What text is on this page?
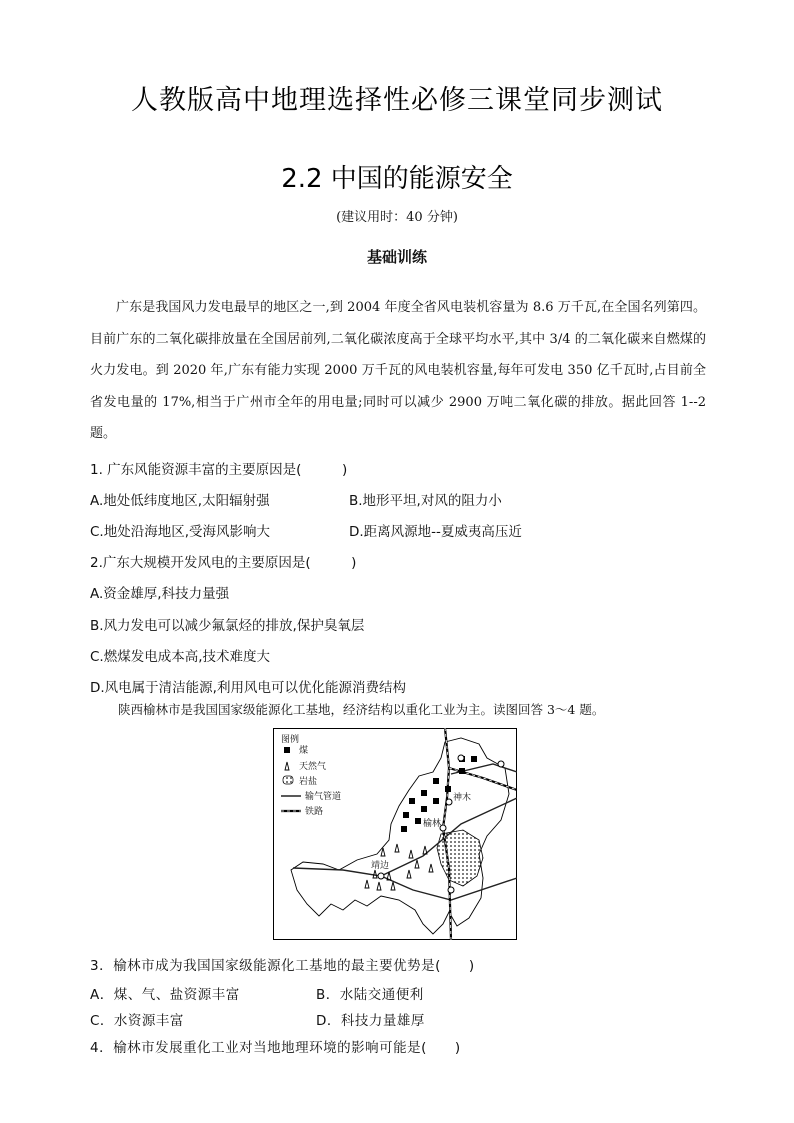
人教版高中地理选择性必修三课堂同步测试
2.2 中国的能源安全
(建议用时：40 分钟)
基础训练
广东是我国风力发电最早的地区之一,到 2004 年度全省风电装机容量为 8.6 万千瓦,在全国名列第四。目前广东的二氧化碳排放量在全国居前列,二氧化碳浓度高于全球平均水平,其中 3/4 的二氧化碳来自燃煤的火力发电。到 2020 年,广东有能力实现 2000 万千瓦的风电装机容量,每年可发电 350 亿千瓦时,占目前全省发电量的 17%,相当于广州市全年的用电量;同时可以减少 2900 万吨二氧化碳的排放。据此回答 1--2 题。
1. 广东风能资源丰富的主要原因是(　　　)
A.地处低纬度地区,太阳辐射强	B.地形平坦,对风的阻力小
C.地处沿海地区,受海风影响大	D.距离风源地--夏威夷高压近
2.广东大规模开发风电的主要原因是(　　　)
A.资金雄厚,科技力量强
B.风力发电可以减少氟氯烃的排放,保护臭氧层
C.燃煤发电成本高,技术难度大
D.风电属于清洁能源,利用风电可以优化能源消费结构
陕西榆林市是我国国家级能源化工基地，经济结构以重化工业为主。读图回答 3～4 题。
神木
榆林
靖边
图例
煤
天然气
岩盐
输气管道
铁路
3．榆林市成为我国国家级能源化工基地的最主要优势是(　　)
A．煤、气、盐资源丰富	B．水陆交通便利
C．水资源丰富	D．科技力量雄厚
4．榆林市发展重化工业对当地地理环境的影响可能是(　　)
